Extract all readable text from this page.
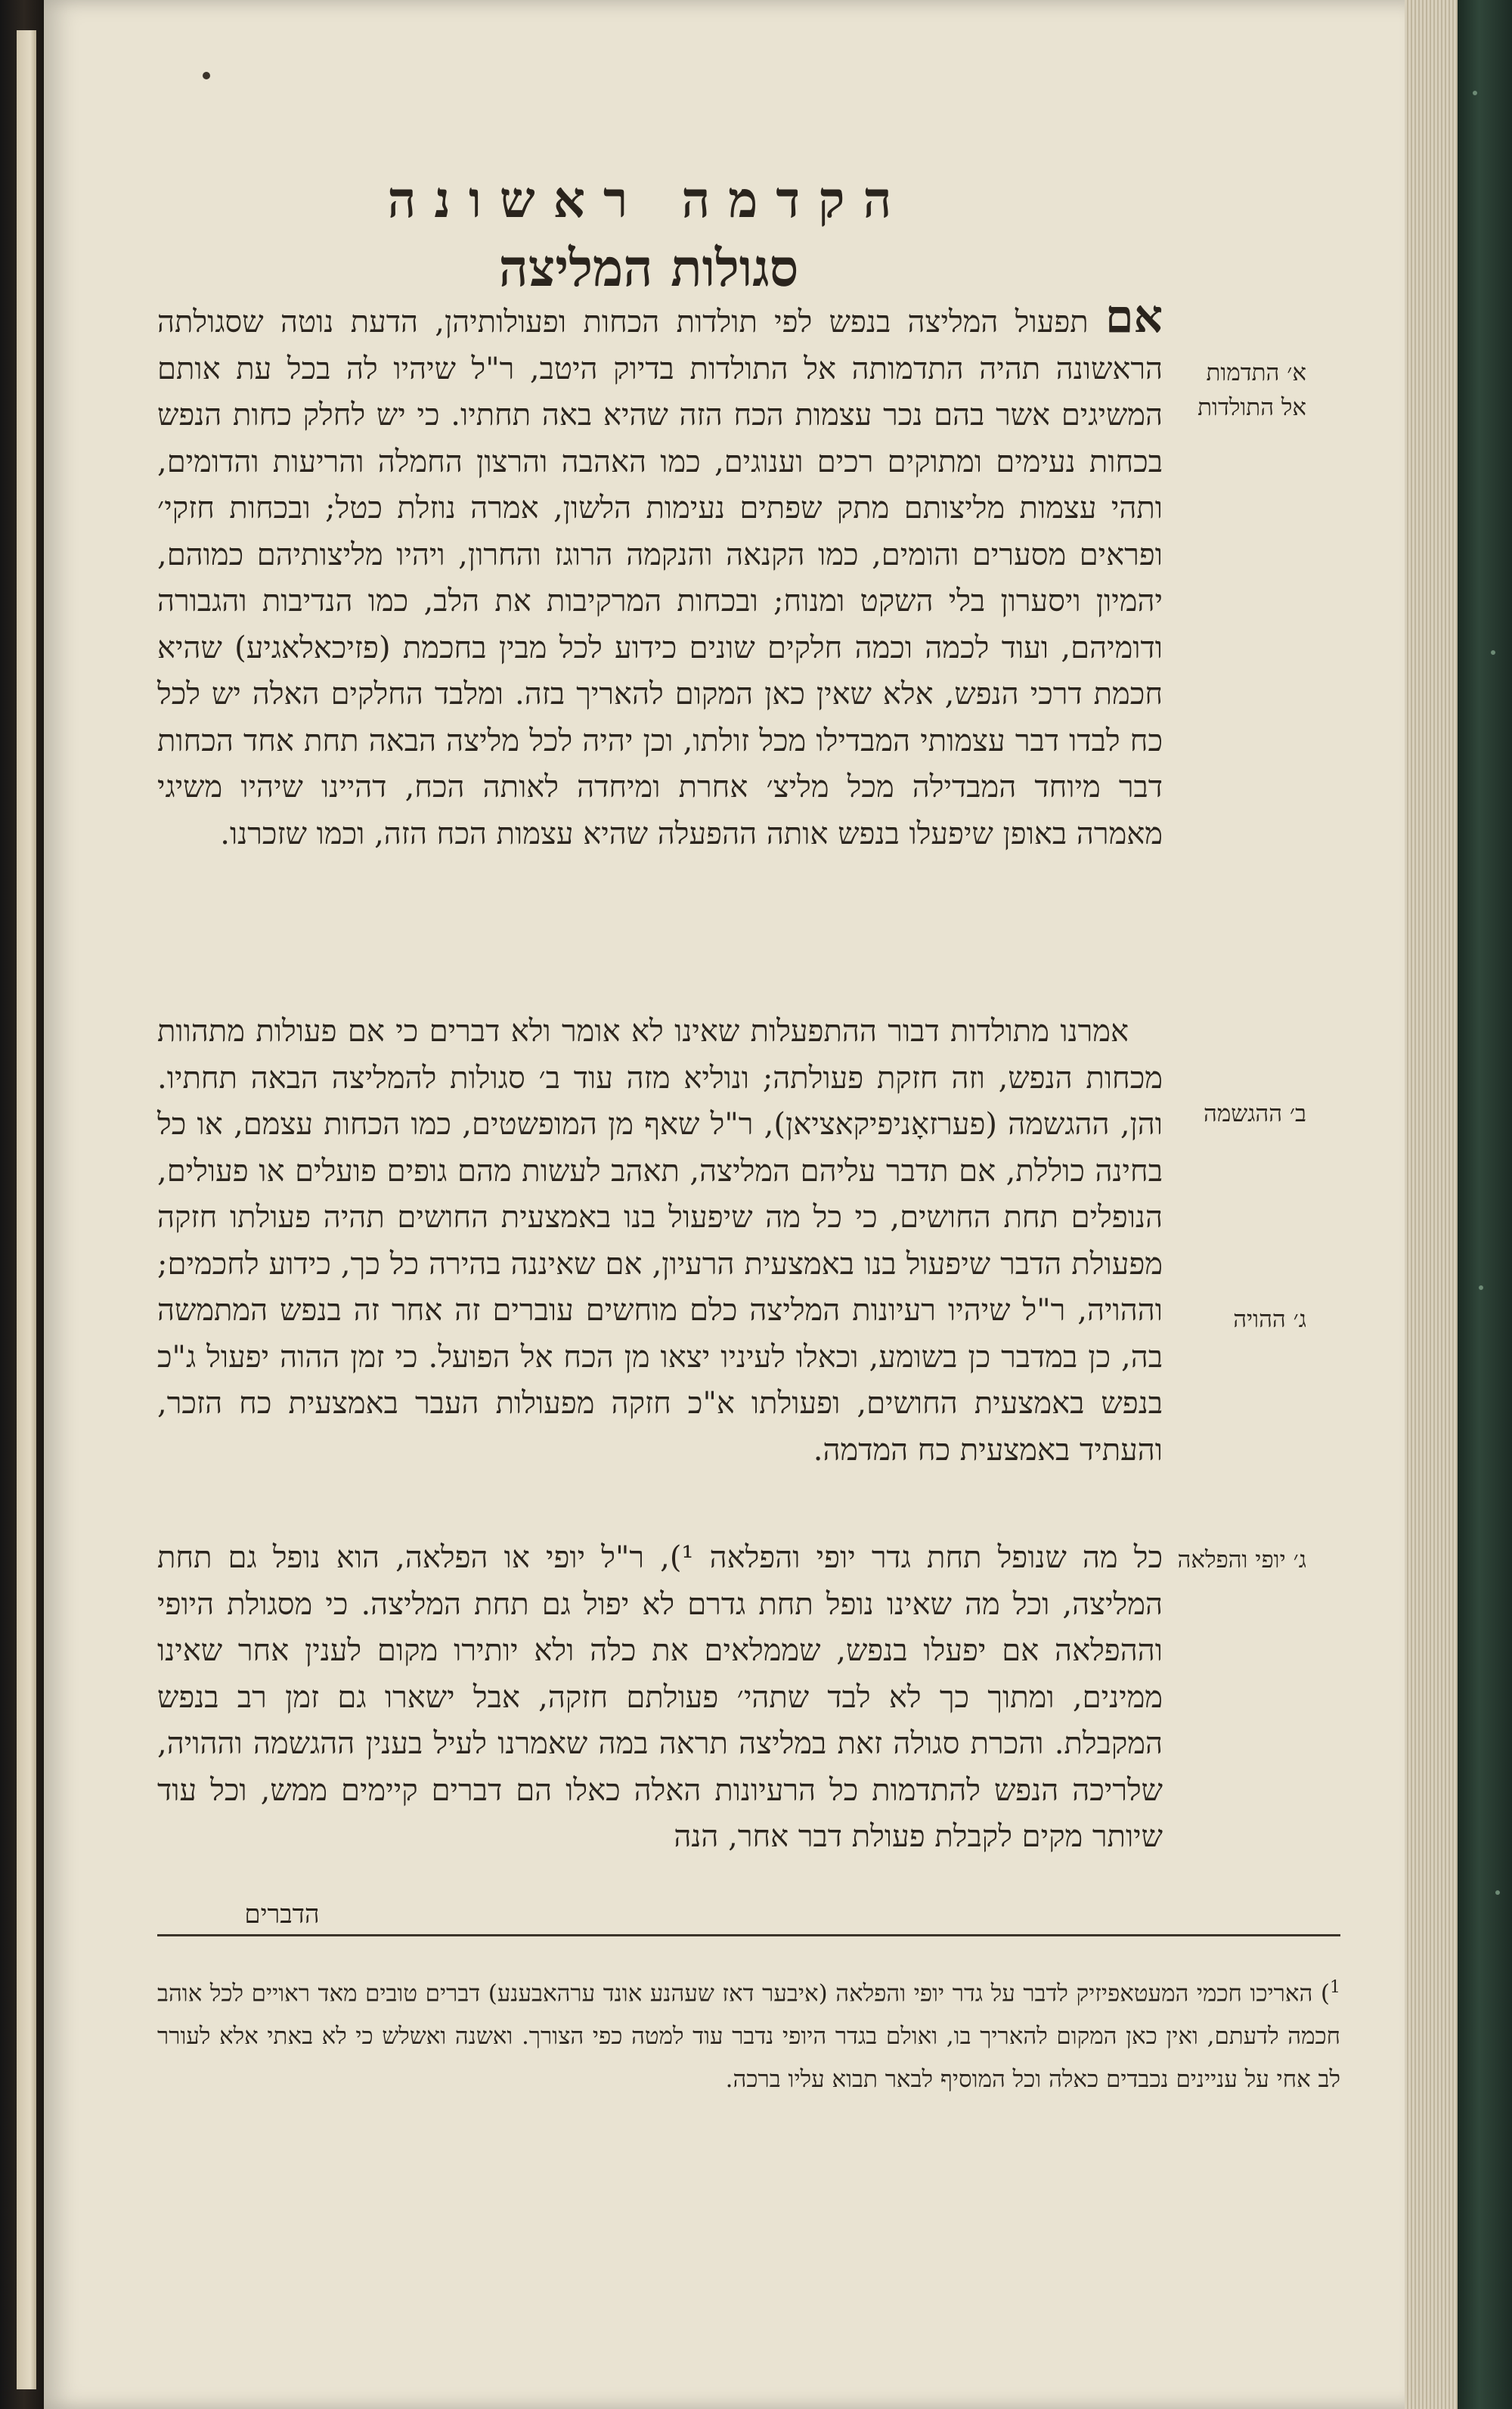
הקדמה ראשונה
סגולות המליצה
אם תפעול המליצה בנפש לפי תולדות הכחות ופעולותיהן, הדעת נוטה שסגולתה הראשונה תהיה התדמותה אל התולדות בדיוק היטב, ר"ל שיהיו לה בכל עת אותם המשיגים אשר בהם נכר עצמות הכח הזה שהיא באה תחתיו. כי יש לחלק כחות הנפש בכחות נעימים ומתוקים רכים וענוגים, כמו האהבה והרצון החמלה והריעות והדומים, ותהי עצמות מליצותם מתק שפתים נעימות הלשון, אמרה נוזלת כטל; ובכחות חזקי׳ ופראים מסערים והומים, כמו הקנאה והנקמה הרוגז והחרון, ויהיו מליצותיהם כמוהם, יהמיון ויסערון בלי השקט ומנוח; ובכחות המרקיבות את הלב, כמו הנדיבות והגבורה ודומיהם, ועוד לכמה וכמה חלקים שונים כידוע לכל מבין בחכמת (פזיכאלאגיע) שהיא חכמת דרכי הנפש, אלא שאין כאן המקום להאריך בזה. ומלבד החלקים האלה יש לכל כח לבדו דבר עצמותי המבדילו מכל זולתו, וכן יהיה לכל מליצה הבאה תחת אחד הכחות דבר מיוחד המבדילה מכל מליצ׳ אחרת ומיחדה לאותה הכח, דהיינו שיהיו משיגי מאמרה באופן שיפעלו בנפש אותה ההפעלה שהיא עצמות הכח הזה, וכמו שזכרנו.
אמרנו מתולדות דבור ההתפעלות שאינו לא אומר ולא דברים כי אם פעולות מתהוות מכחות הנפש, וזה חזקת פעולתה; ונוליא מזה עוד ב׳ סגולות להמליצה הבאה תחתיו. והן, ההגשמה (פערזאָניפיקאציאן), ר"ל שאף מן המופשטים, כמו הכחות עצמם, או כל בחינה כוללת, אם תדבר עליהם המליצה, תאהב לעשות מהם גופים פועלים או פעולים, הנופלים תחת החושים, כי כל מה שיפעול בנו באמצעית החושים תהיה פעולתו חזקה מפעולת הדבר שיפעול בנו באמצעית הרעיון, אם שאיננה בהירה כל כך, כידוע לחכמים; וההויה, ר"ל שיהיו רעיונות המליצה כלם מוחשים עוברים זה אחר זה בנפש המתמשה בה, כן במדבר כן בשומע, וכאלו לעיניו יצאו מן הכח אל הפועל. כי זמן ההוה יפעול ג"כ בנפש באמצעית החושים, ופעולתו א"כ חזקה מפעולות העבר באמצעית כח הזכר, והעתיד באמצעית כח המדמה.
כל מה שנופל תחת גדר יופי והפלאה ¹), ר"ל יופי או הפלאה, הוא נופל גם תחת המליצה, וכל מה שאינו נופל תחת גדרם לא יפול גם תחת המליצה. כי מסגולת היופי וההפלאה אם יפעלו בנפש, שממלאים את כלה ולא יותירו מקום לענין אחר שאינו ממינים, ומתוך כך לא לבד שתהי׳ פעולתם חזקה, אבל ישארו גם זמן רב בנפש המקבלת. והכרת סגולה זאת במליצה תראה במה שאמרנו לעיל בענין ההגשמה וההויה, שלריכה הנפש להתדמות כל הרעיונות האלה כאלו הם דברים קיימים ממש, וכל עוד שיותר מקים לקבלת פעולת דבר אחר, הנה
א׳ התדמות אל התולדות
ב׳ ההגשמה
ג׳ ההויה
ג׳ יופי והפלאה
הדברים
$^1$) האריכו חכמי המעטאפיזיק לדבר על גדר יופי והפלאה (איבער דאז שעהנע אונד ערהאבענע) דברים טובים מאד ראויים לכל אוהב חכמה לדעתם, ואין כאן המקום להאריך בו, ואולם בגדר היופי נדבר עוד למטה כפי הצורך. ואשנה ואשלש כי לא באתי אלא לעורר לב אחי על עניינים נכבדים כאלה וכל המוסיף לבאר תבוא עליו ברכה.
